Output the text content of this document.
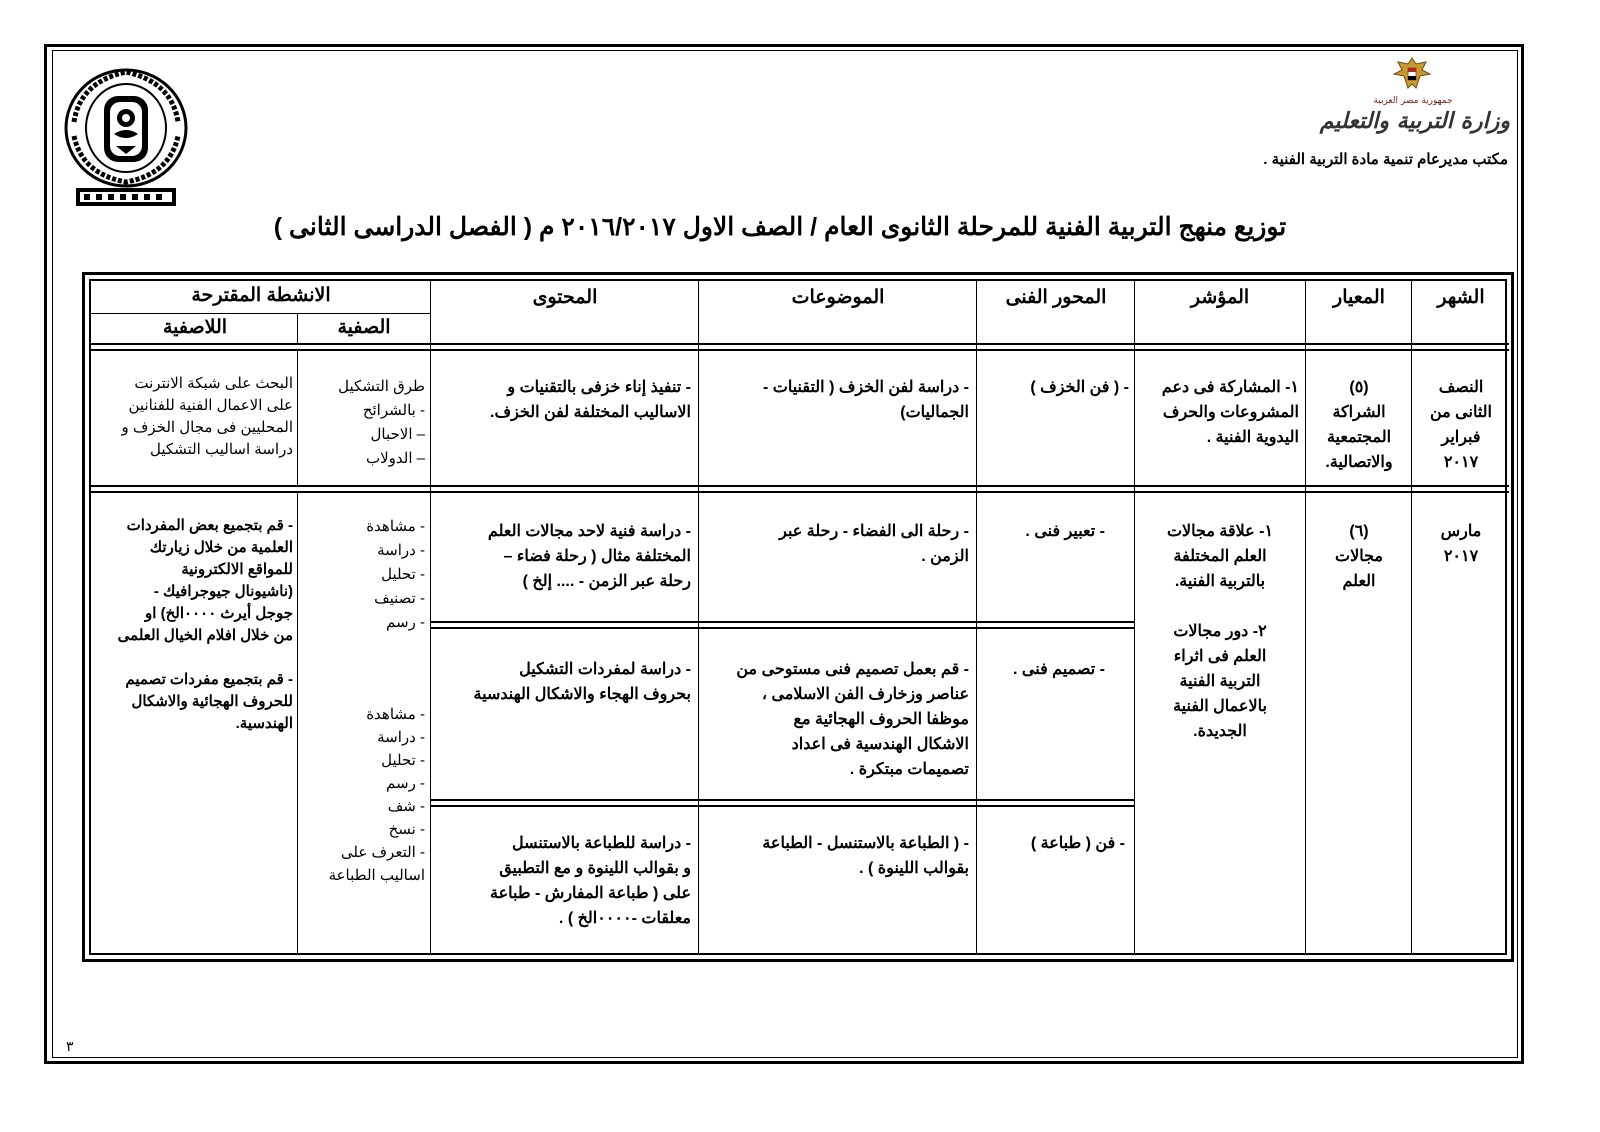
مكتب مستشار التربية الفنية - وزارة التربية والتعليم
جمهورية مصر العربية
وزارة التربية والتعليم
مكتب مديرعام تنمية مادة التربية الفنية .
توزيع منهج التربية الفنية للمرحلة الثانوى العام / الصف الاول ٢٠١٦/٢٠١٧ م ( الفصل الدراسى الثانى )
الشهر
المعيار
المؤشر
المحور الفنى
الموضوعات
المحتوى
الانشطة المقترحة
الصفية
اللاصفية
النصف
الثانى من
فبراير
٢٠١٧
(٥)
الشراكة
المجتمعية
والاتصالية.
١- المشاركة فى دعم
المشروعات والحرف
اليدوية الفنية .
- ( فن الخزف )
- دراسة لفن الخزف ( التقنيات -
الجماليات)
- تنفيذ إناء خزفى بالتقنيات و
الاساليب المختلفة لفن الخزف.
طرق التشكيل
- بالشرائح
– الاحبال
– الدولاب
البحث على شبكة الانترنت
على الاعمال الفنية للفنانين
المحليين فى مجال الخزف و
دراسة اساليب التشكيل
مارس
٢٠١٧
(٦)
مجالات
العلم
١- علاقة مجالات
العلم المختلفة
بالتربية الفنية.

٢- دور مجالات
العلم فى اثراء
التربية الفنية
بالاعمال الفنية
الجديدة.
- تعبير فنى .
- رحلة الى الفضاء - رحلة عبر
الزمن .
- دراسة فنية لاحد مجالات العلم
المختلفة مثال ( رحلة فضاء –
رحلة عبر الزمن - .... إلخ )
- تصميم فنى .
- قم بعمل تصميم فنى مستوحى من
عناصر وزخارف الفن الاسلامى ،
موظفا الحروف الهجائية مع
الاشكال الهندسية فى اعداد
تصميمات مبتكرة .
- دراسة لمفردات التشكيل
بحروف الهجاء والاشكال الهندسية
- فن ( طباعة )
- ( الطباعة بالاستنسل - الطباعة
بقوالب اللينوة ) .
- دراسة للطباعة بالاستنسل
و بقوالب اللينوة و مع التطبيق
على ( طباعة المفارش - طباعة
معلقات -٠٠٠٠الخ ) .
- مشاهدة
- دراسة
- تحليل
- تصنيف
- رسم
- مشاهدة
- دراسة
- تحليل
- رسم
- شف
- نسخ
- التعرف على
اساليب الطباعة
- قم بتجميع بعض المفردات
العلمية من خلال زيارتك
للمواقع الالكترونية
(ناشيونال جيوجرافيك -
جوجل أيرث ٠٠٠٠الخ) او
من خلال افلام الخيال العلمى

- قم بتجميع مفردات تصميم
للحروف الهجائية والاشكال
الهندسية.
٣
